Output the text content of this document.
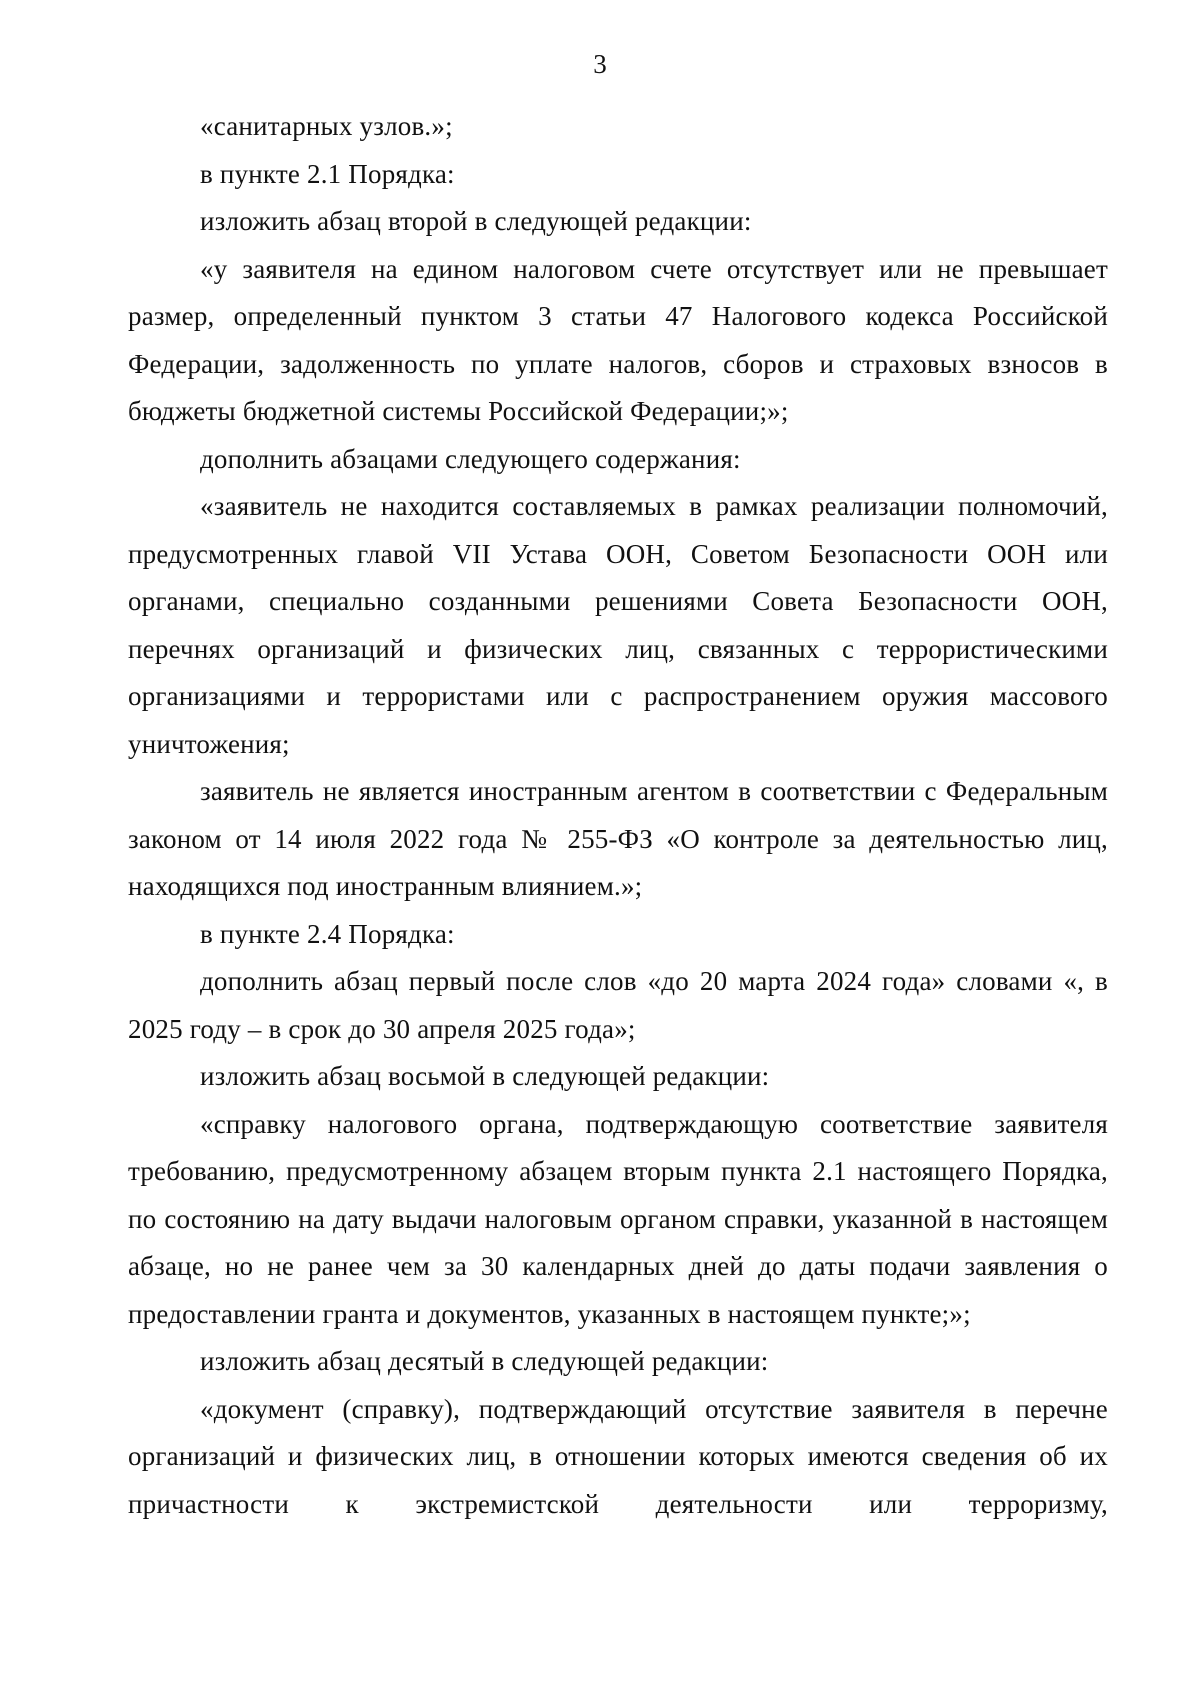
3

«санитарных узлов.»;

в пункте 2.1 Порядка:

изложить абзац второй в следующей редакции:

«у заявителя на едином налоговом счете отсутствует или не превышает размер, определенный пунктом 3 статьи 47 Налогового кодекса Российской Федерации, задолженность по уплате налогов, сборов и страховых взносов в бюджеты бюджетной системы Российской Федерации;»;

дополнить абзацами следующего содержания:

«заявитель не находится составляемых в рамках реализации полномочий, предусмотренных главой VII Устава ООН, Советом Безопасности ООН или органами, специально созданными решениями Совета Безопасности ООН, перечнях организаций и физических лиц, связанных с террористическими организациями и террористами или с распространением оружия массового уничтожения;

заявитель не является иностранным агентом в соответствии с Федеральным законом от 14 июля 2022 года № 255-ФЗ «О контроле за деятельностью лиц, находящихся под иностранным влиянием.»;

в пункте 2.4 Порядка:

дополнить абзац первый после слов «до 20 марта 2024 года» словами «, в 2025 году – в срок до 30 апреля 2025 года»;

изложить абзац восьмой в следующей редакции:

«справку налогового органа, подтверждающую соответствие заявителя требованию, предусмотренному абзацем вторым пункта 2.1 настоящего Порядка, по состоянию на дату выдачи налоговым органом справки, указанной в настоящем абзаце, но не ранее чем за 30 календарных дней до даты подачи заявления о предоставлении гранта и документов, указанных в настоящем пункте;»;

изложить абзац десятый в следующей редакции:

«документ (справку), подтверждающий отсутствие заявителя в перечне организаций и физических лиц, в отношении которых имеются сведения об их причастности к экстремистской деятельности или терроризму,
